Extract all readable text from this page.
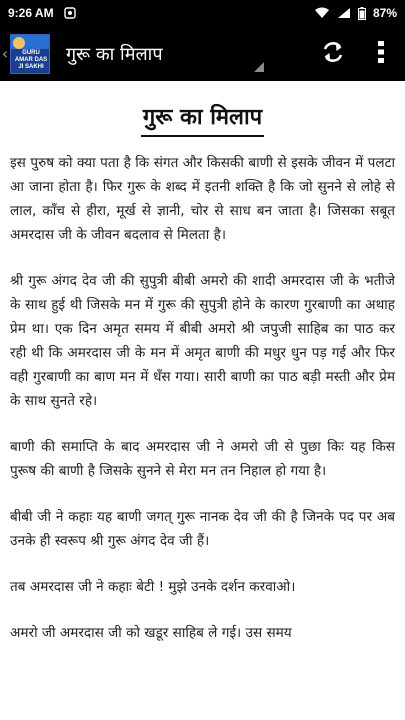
9:26 AM	87%
‹	GURU AMAR DAS JI SAKHI
गुरू का मिलाप
गुरू का मिलाप

इस पुरुष को क्या पता है कि संगत और किसकी बाणी से इसके जीवन में पलटा आ जाना होता है। फिर गुरू के शब्द में इतनी शक्ति है कि जो सुनने से लोहे से लाल, काँच से हीरा, मूर्ख से ज्ञानी, चोर से साध बन जाता है। जिसका सबूत अमरदास जी के जीवन बदलाव से मिलता है।

श्री गुरू अंगद देव जी की सुपुत्री बीबी अमरो की शादी अमरदास जी के भतीजे के साथ हुई थी जिसके मन में गुरू की सुपुत्री होने के कारण गुरबाणी का अथाह प्रेम था। एक दिन अमृत समय में बीबी अमरो श्री जपुजी साहिब का पाठ कर रही थी कि अमरदास जी के मन में अमृत बाणी की मधुर धुन पड़ गई और फिर वही गुरबाणी का बाण मन में धँस गया। सारी बाणी का पाठ बड़ी मस्ती और प्रेम के साथ सुनते रहे।

बाणी की समाप्ति के बाद अमरदास जी ने अमरो जी से पुछा किः यह किस पुरूष की बाणी है जिसके सुनने से मेरा मन तन निहाल हो गया है।

बीबी जी ने कहाः यह बाणी जगत् गुरू नानक देव जी की है जिनके पद पर अब उनके ही स्वरूप श्री गुरू अंगद देव जी हैं।

तब अमरदास जी ने कहाः बेटी ! मुझे उनके दर्शन करवाओ।

अमरो जी अमरदास जी को खडूर साहिब ले गई। उस समय
